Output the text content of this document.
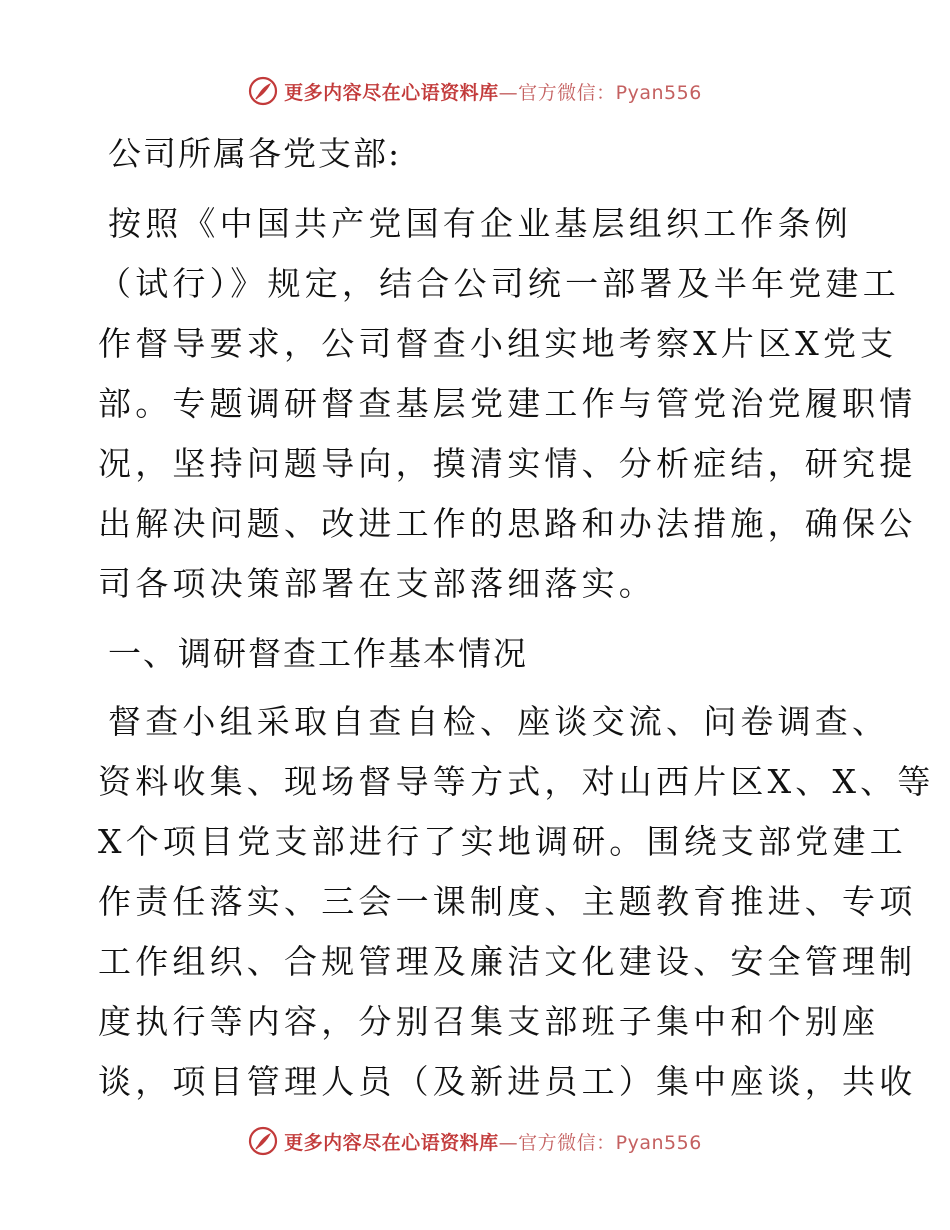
更多内容尽在心语资料库—官方微信：Pyan556

公司所属各党支部:

按照《中国共产党国有企业基层组织工作条例
（试行）》规定，结合公司统一部署及半年党建工
作督导要求，公司督查小组实地考察X片区X党支
部。专题调研督查基层党建工作与管党治党履职情
况，坚持问题导向，摸清实情、分析症结，研究提
出解决问题、改进工作的思路和办法措施，确保公
司各项决策部署在支部落细落实。

一、调研督查工作基本情况

督查小组采取自查自检、座谈交流、问卷调查、
资料收集、现场督导等方式，对山西片区X、X、等
X个项目党支部进行了实地调研。围绕支部党建工
作责任落实、三会一课制度、主题教育推进、专项
工作组织、合规管理及廉洁文化建设、安全管理制
度执行等内容，分别召集支部班子集中和个别座
谈，项目管理人员（及新进员工）集中座谈，共收
更多内容尽在心语资料库—官方微信：Pyan556
